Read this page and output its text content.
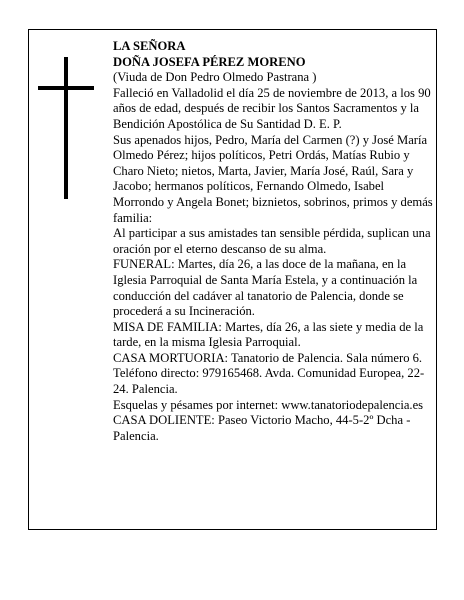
LA SEÑORA

DOÑA JOSEFA PÉREZ MORENO

(Viuda de Don Pedro Olmedo Pastrana )

Falleció en Valladolid el día 25 de noviembre de 2013, a los 90 años de edad, después de recibir los Santos Sacramentos y la Bendición Apostólica de Su Santidad D. E. P.

Sus apenados hijos, Pedro, María del Carmen (?) y José María Olmedo Pérez; hijos políticos, Petri Ordás, Matías Rubio y Charo Nieto; nietos, Marta, Javier, María José, Raúl, Sara y Jacobo; hermanos políticos, Fernando Olmedo, Isabel Morrondo y Angela Bonet; biznietos, sobrinos, primos y demás familia:

Al participar a sus amistades tan sensible pérdida, suplican una oración por el eterno descanso de su alma.

FUNERAL: Martes, día 26, a las doce de la mañana, en la Iglesia Parroquial de Santa María Estela, y a continuación la conducción del cadáver al tanatorio de Palencia, donde se procederá a su Incineración.

MISA DE FAMILIA: Martes, día 26, a las siete y media de la tarde, en la misma Iglesia Parroquial.

CASA MORTUORIA: Tanatorio de Palencia. Sala número 6. Teléfono directo: 979165468. Avda. Comunidad Europea, 22-24. Palencia.

Esquelas y pésames por internet: www.tanatoriodepalencia.es

CASA DOLIENTE: Paseo Victorio Macho, 44-5-2º Dcha - Palencia.
